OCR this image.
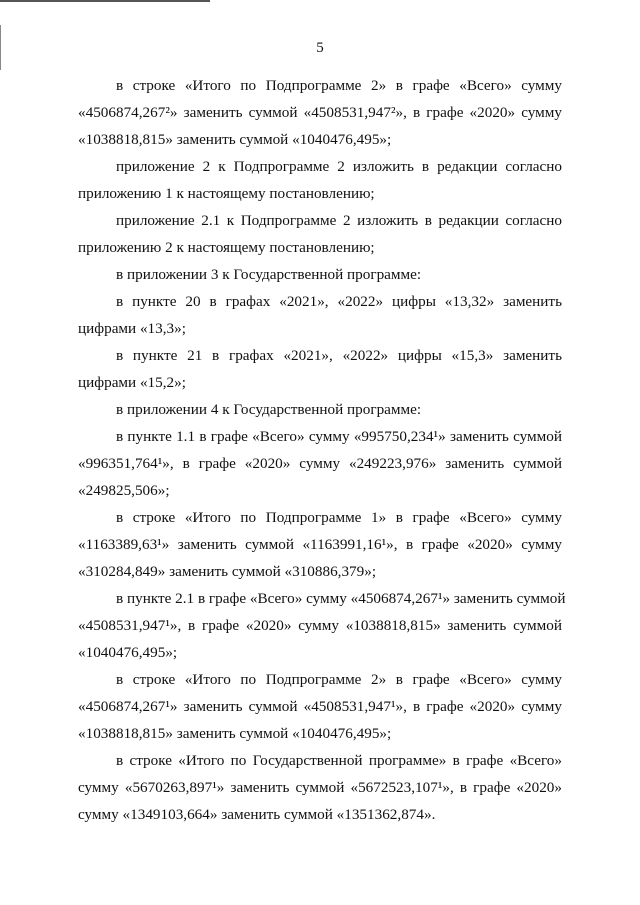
5
в строке «Итого по Подпрограмме 2» в графе «Всего» сумму
«4506874,267²» заменить суммой «4508531,947²», в графе «2020» сумму
«1038818,815» заменить суммой «1040476,495»;
приложение 2 к Подпрограмме 2 изложить в редакции согласно
приложению 1 к настоящему постановлению;
приложение 2.1 к Подпрограмме 2 изложить в редакции согласно
приложению 2 к настоящему постановлению;
в приложении 3 к Государственной программе:
в пункте 20 в графах «2021», «2022» цифры «13,32» заменить
цифрами «13,3»;
в пункте 21 в графах «2021», «2022» цифры «15,3» заменить
цифрами «15,2»;
в приложении 4 к Государственной программе:
в пункте 1.1 в графе «Всего» сумму «995750,234¹» заменить суммой
«996351,764¹», в графе «2020» сумму «249223,976» заменить суммой
«249825,506»;
в строке «Итого по Подпрограмме 1» в графе «Всего» сумму
«1163389,63¹» заменить суммой «1163991,16¹», в графе «2020» сумму
«310284,849» заменить суммой «310886,379»;
в пункте 2.1 в графе «Всего» сумму «4506874,267¹» заменить суммой
«4508531,947¹», в графе «2020» сумму «1038818,815» заменить суммой
«1040476,495»;
в строке «Итого по Подпрограмме 2» в графе «Всего» сумму
«4506874,267¹» заменить суммой «4508531,947¹», в графе «2020» сумму
«1038818,815» заменить суммой «1040476,495»;
в строке «Итого по Государственной программе» в графе «Всего»
сумму «5670263,897¹» заменить суммой «5672523,107¹», в графе «2020»
сумму «1349103,664» заменить суммой «1351362,874».
